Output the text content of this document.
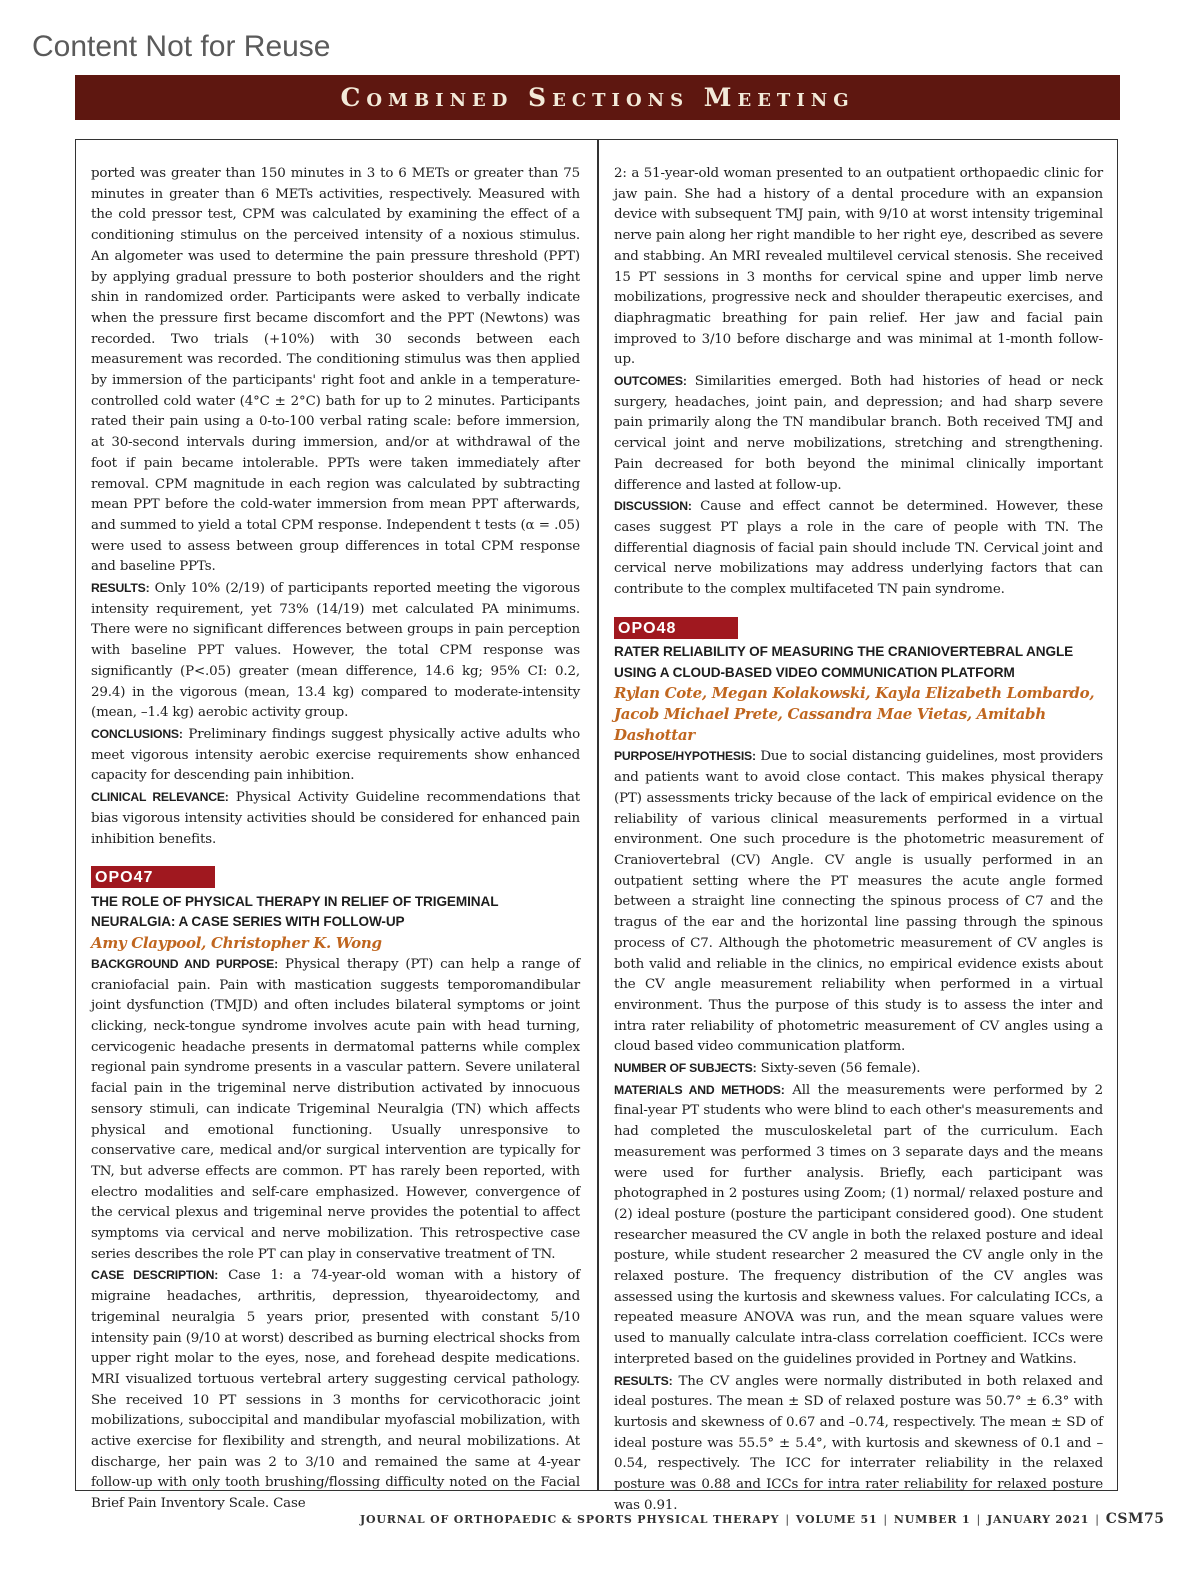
Content Not for Reuse
Combined Sections Meeting

ported was greater than 150 minutes in 3 to 6 METs or greater than 75 minutes in greater than 6 METs activities, respectively. Measured with the cold pressor test, CPM was calculated by examining the effect of a conditioning stimulus on the perceived intensity of a noxious stimulus. An algometer was used to determine the pain pressure threshold (PPT) by applying gradual pressure to both posterior shoulders and the right shin in randomized order. Participants were asked to verbally indicate when the pressure first became discomfort and the PPT (Newtons) was recorded. Two trials (+10%) with 30 seconds between each measurement was recorded. The conditioning stimulus was then applied by immersion of the participants' right foot and ankle in a temperature-controlled cold water (4°C ± 2°C) bath for up to 2 minutes. Participants rated their pain using a 0-to-100 verbal rating scale: before immersion, at 30-second intervals during immersion, and/or at withdrawal of the foot if pain became intolerable. PPTs were taken immediately after removal. CPM magnitude in each region was calculated by subtracting mean PPT before the cold-water immersion from mean PPT afterwards, and summed to yield a total CPM response. Independent t tests (α = .05) were used to assess between group differences in total CPM response and baseline PPTs.

RESULTS: Only 10% (2/19) of participants reported meeting the vigorous intensity requirement, yet 73% (14/19) met calculated PA minimums. There were no significant differences between groups in pain perception with baseline PPT values. However, the total CPM response was significantly (P<.05) greater (mean difference, 14.6 kg; 95% CI: 0.2, 29.4) in the vigorous (mean, 13.4 kg) compared to moderate-intensity (mean, –1.4 kg) aerobic activity group.

CONCLUSIONS: Preliminary findings suggest physically active adults who meet vigorous intensity aerobic exercise requirements show enhanced capacity for descending pain inhibition.

CLINICAL RELEVANCE: Physical Activity Guideline recommendations that bias vigorous intensity activities should be considered for enhanced pain inhibition benefits.

OPO47
THE ROLE OF PHYSICAL THERAPY IN RELIEF OF TRIGEMINAL NEURALGIA: A CASE SERIES WITH FOLLOW-UP
Amy Claypool, Christopher K. Wong

BACKGROUND AND PURPOSE: Physical therapy (PT) can help a range of craniofacial pain. Pain with mastication suggests temporomandibular joint dysfunction (TMJD) and often includes bilateral symptoms or joint clicking, neck-tongue syndrome involves acute pain with head turning, cervicogenic headache presents in dermatomal patterns while complex regional pain syndrome presents in a vascular pattern. Severe unilateral facial pain in the trigeminal nerve distribution activated by innocuous sensory stimuli, can indicate Trigeminal Neuralgia (TN) which affects physical and emotional functioning. Usually unresponsive to conservative care, medical and/or surgical intervention are typically for TN, but adverse effects are common. PT has rarely been reported, with electro modalities and self-care emphasized. However, convergence of the cervical plexus and trigeminal nerve provides the potential to affect symptoms via cervical and nerve mobilization. This retrospective case series describes the role PT can play in conservative treatment of TN.

CASE DESCRIPTION: Case 1: a 74-year-old woman with a history of migraine headaches, arthritis, depression, thyearoidectomy, and trigeminal neuralgia 5 years prior, presented with constant 5/10 intensity pain (9/10 at worst) described as burning electrical shocks from upper right molar to the eyes, nose, and forehead despite medications. MRI visualized tortuous vertebral artery suggesting cervical pathology. She received 10 PT sessions in 3 months for cervicothoracic joint mobilizations, suboccipital and mandibular myofascial mobilization, with active exercise for flexibility and strength, and neural mobilizations. At discharge, her pain was 2 to 3/10 and remained the same at 4-year follow-up with only tooth brushing/flossing difficulty noted on the Facial Brief Pain Inventory Scale. Case

2: a 51-year-old woman presented to an outpatient orthopaedic clinic for jaw pain. She had a history of a dental procedure with an expansion device with subsequent TMJ pain, with 9/10 at worst intensity trigeminal nerve pain along her right mandible to her right eye, described as severe and stabbing. An MRI revealed multilevel cervical stenosis. She received 15 PT sessions in 3 months for cervical spine and upper limb nerve mobilizations, progressive neck and shoulder therapeutic exercises, and diaphragmatic breathing for pain relief. Her jaw and facial pain improved to 3/10 before discharge and was minimal at 1-month follow-up.

OUTCOMES: Similarities emerged. Both had histories of head or neck surgery, headaches, joint pain, and depression; and had sharp severe pain primarily along the TN mandibular branch. Both received TMJ and cervical joint and nerve mobilizations, stretching and strengthening. Pain decreased for both beyond the minimal clinically important difference and lasted at follow-up.

DISCUSSION: Cause and effect cannot be determined. However, these cases suggest PT plays a role in the care of people with TN. The differential diagnosis of facial pain should include TN. Cervical joint and cervical nerve mobilizations may address underlying factors that can contribute to the complex multifaceted TN pain syndrome.

OPO48
RATER RELIABILITY OF MEASURING THE CRANIOVERTEBRAL ANGLE USING A CLOUD-BASED VIDEO COMMUNICATION PLATFORM
Rylan Cote, Megan Kolakowski, Kayla Elizabeth Lombardo, Jacob Michael Prete, Cassandra Mae Vietas, Amitabh Dashottar

PURPOSE/HYPOTHESIS: Due to social distancing guidelines, most providers and patients want to avoid close contact. This makes physical therapy (PT) assessments tricky because of the lack of empirical evidence on the reliability of various clinical measurements performed in a virtual environment. One such procedure is the photometric measurement of Craniovertebral (CV) Angle. CV angle is usually performed in an outpatient setting where the PT measures the acute angle formed between a straight line connecting the spinous process of C7 and the tragus of the ear and the horizontal line passing through the spinous process of C7. Although the photometric measurement of CV angles is both valid and reliable in the clinics, no empirical evidence exists about the CV angle measurement reliability when performed in a virtual environment. Thus the purpose of this study is to assess the inter and intra rater reliability of photometric measurement of CV angles using a cloud based video communication platform.

NUMBER OF SUBJECTS: Sixty-seven (56 female).

MATERIALS AND METHODS: All the measurements were performed by 2 final-year PT students who were blind to each other's measurements and had completed the musculoskeletal part of the curriculum. Each measurement was performed 3 times on 3 separate days and the means were used for further analysis. Briefly, each participant was photographed in 2 postures using Zoom; (1) normal/ relaxed posture and (2) ideal posture (posture the participant considered good). One student researcher measured the CV angle in both the relaxed posture and ideal posture, while student researcher 2 measured the CV angle only in the relaxed posture. The frequency distribution of the CV angles was assessed using the kurtosis and skewness values. For calculating ICCs, a repeated measure ANOVA was run, and the mean square values were used to manually calculate intra-class correlation coefficient. ICCs were interpreted based on the guidelines provided in Portney and Watkins.

RESULTS: The CV angles were normally distributed in both relaxed and ideal postures. The mean ± SD of relaxed posture was 50.7° ± 6.3° with kurtosis and skewness of 0.67 and –0.74, respectively. The mean ± SD of ideal posture was 55.5° ± 5.4°, with kurtosis and skewness of 0.1 and –0.54, respectively. The ICC for interrater reliability in the relaxed posture was 0.88 and ICCs for intra rater reliability for relaxed posture was 0.91.

JOURNAL OF ORTHOPAEDIC & SPORTS PHYSICAL THERAPY | VOLUME 51 | NUMBER 1 | JANUARY 2021 | CSM75
